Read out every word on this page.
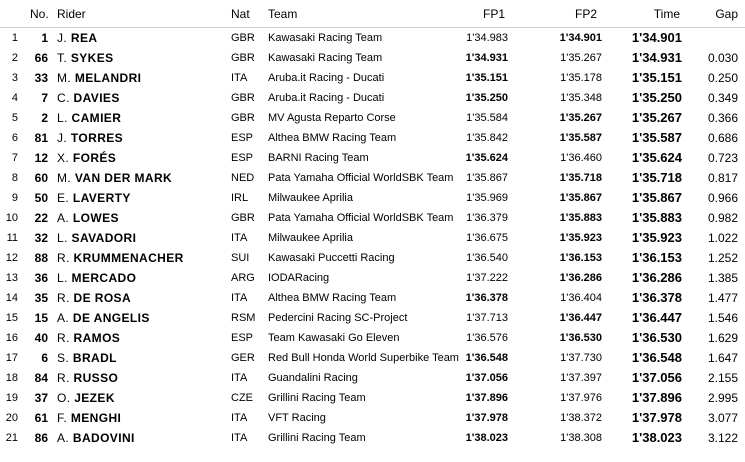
No. Rider	Nat Team	FP1	FP2	Time	Gap
1	1 J. REA	GBR Kawasaki Racing Team	1'34.983	1'34.901 1'34.901
2	66 T. SYKES	GBR Kawasaki Racing Team	1'34.931	1'35.267 1'34.931 0.030
3	33 M. MELANDRI	ITA Aruba.it Racing - Ducati	1'35.151	1'35.178 1'35.151 0.250
4	7 C. DAVIES	GBR Aruba.it Racing - Ducati	1'35.250	1'35.348 1'35.250 0.349
5	2 L. CAMIER	GBR MV Agusta Reparto Corse	1'35.584	1'35.267 1'35.267 0.366
6	81 J. TORRES	ESP Althea BMW Racing Team	1'35.842	1'35.587 1'35.587 0.686
7	12 X. FORÉS	ESP BARNI Racing Team	1'35.624	1'36.460 1'35.624 0.723
8	60 M. VAN DER MARK	NED Pata Yamaha Official WorldSBK Team 1'35.867	1'35.718 1'35.718 0.817
9	50 E. LAVERTY	IRL Milwaukee Aprilia	1'35.969	1'35.867 1'35.867 0.966
10	22 A. LOWES	GBR Pata Yamaha Official WorldSBK Team 1'36.379	1'35.883 1'35.883 0.982
11	32 L. SAVADORI	ITA Milwaukee Aprilia	1'36.675	1'35.923 1'35.923 1.022
12	88 R. KRUMMENACHER	SUI Kawasaki Puccetti Racing	1'36.540	1'36.153 1'36.153 1.252
13	36 L. MERCADO	ARG IODARacing	1'37.222	1'36.286 1'36.286 1.385
14	35 R. DE ROSA	ITA Althea BMW Racing Team	1'36.378	1'36.404 1'36.378 1.477
15	15 A. DE ANGELIS	RSM Pedercini Racing SC-Project	1'37.713	1'36.447 1'36.447 1.546
16	40 R. RAMOS	ESP Team Kawasaki Go Eleven	1'36.576	1'36.530 1'36.530 1.629
17	6 S. BRADL	GER Red Bull Honda World Superbike Team 1'36.548	1'37.730 1'36.548 1.647
18	84 R. RUSSO	ITA Guandalini Racing	1'37.056	1'37.397 1'37.056 2.155
19	37 O. JEZEK	CZE Grillini Racing Team	1'37.896	1'37.976 1'37.896 2.995
20	61 F. MENGHI	ITA VFT Racing	1'37.978	1'38.372 1'37.978 3.077
21	86 A. BADOVINI	ITA Grillini Racing Team	1'38.023	1'38.308 1'38.023 3.122
